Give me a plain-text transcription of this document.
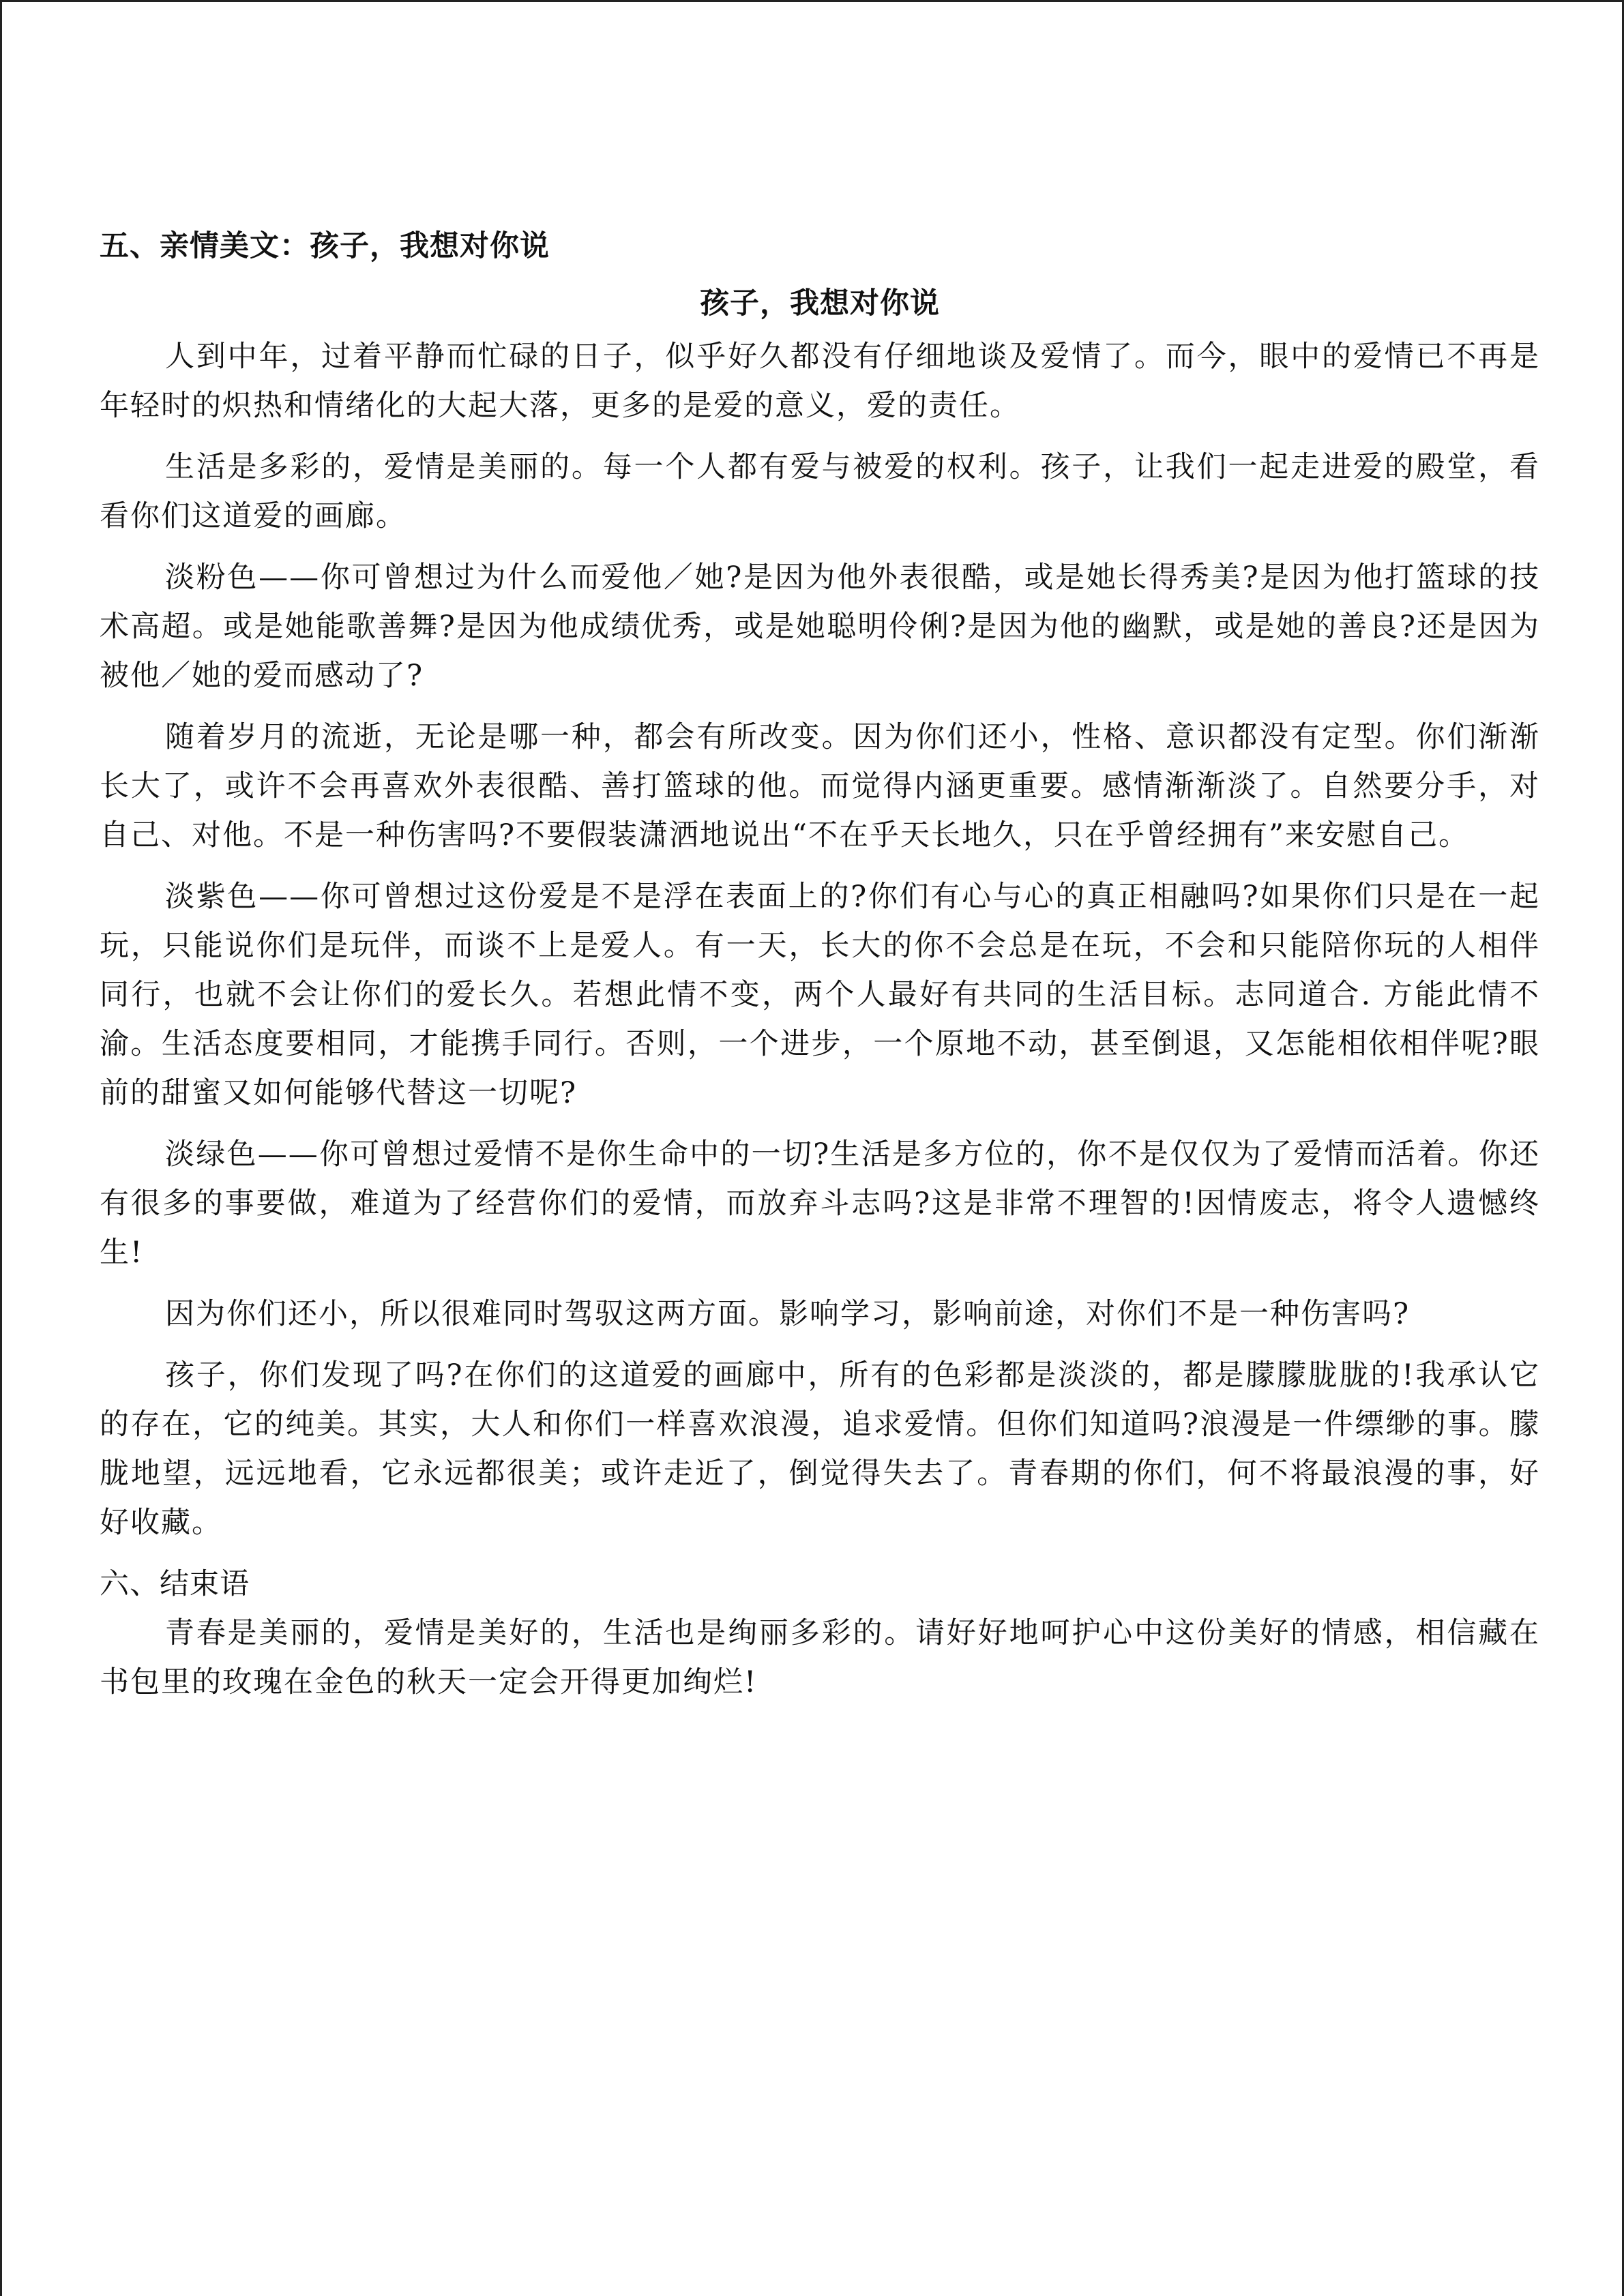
五、亲情美文：孩子，我想对你说
孩子，我想对你说

人到中年，过着平静而忙碌的日子，似乎好久都没有仔细地谈及爱情了。而今，眼中的爱情已不再是年轻时的炽热和情绪化的大起大落，更多的是爱的意义，爱的责任。

生活是多彩的，爱情是美丽的。每一个人都有爱与被爱的权利。孩子，让我们一起走进爱的殿堂，看看你们这道爱的画廊。

淡粉色——你可曾想过为什么而爱他／她?是因为他外表很酷，或是她长得秀美?是因为他打篮球的技术高超。或是她能歌善舞?是因为他成绩优秀，或是她聪明伶俐?是因为他的幽默，或是她的善良?还是因为被他／她的爱而感动了?

随着岁月的流逝，无论是哪一种，都会有所改变。因为你们还小，性格、意识都没有定型。你们渐渐长大了，或许不会再喜欢外表很酷、善打篮球的他。而觉得内涵更重要。感情渐渐淡了。自然要分手，对自己、对他。不是一种伤害吗?不要假装潇洒地说出“不在乎天长地久，只在乎曾经拥有”来安慰自己。

淡紫色——你可曾想过这份爱是不是浮在表面上的?你们有心与心的真正相融吗?如果你们只是在一起玩，只能说你们是玩伴，而谈不上是爱人。有一天，长大的你不会总是在玩，不会和只能陪你玩的人相伴同行，也就不会让你们的爱长久。若想此情不变，两个人最好有共同的生活目标。志同道合. 方能此情不渝。生活态度要相同，才能携手同行。否则，一个进步，一个原地不动，甚至倒退，又怎能相依相伴呢?眼前的甜蜜又如何能够代替这一切呢?

淡绿色——你可曾想过爱情不是你生命中的一切?生活是多方位的，你不是仅仅为了爱情而活着。你还有很多的事要做，难道为了经营你们的爱情，而放弃斗志吗?这是非常不理智的!因情废志，将令人遗憾终生!

因为你们还小，所以很难同时驾驭这两方面。影响学习，影响前途，对你们不是一种伤害吗?

孩子，你们发现了吗?在你们的这道爱的画廊中，所有的色彩都是淡淡的，都是朦朦胧胧的!我承认它的存在，它的纯美。其实，大人和你们一样喜欢浪漫，追求爱情。但你们知道吗?浪漫是一件缥缈的事。朦胧地望，远远地看，它永远都很美；或许走近了，倒觉得失去了。青春期的你们，何不将最浪漫的事，好好收藏。

六、结束语

青春是美丽的，爱情是美好的，生活也是绚丽多彩的。请好好地呵护心中这份美好的情感，相信藏在书包里的玫瑰在金色的秋天一定会开得更加绚烂!
